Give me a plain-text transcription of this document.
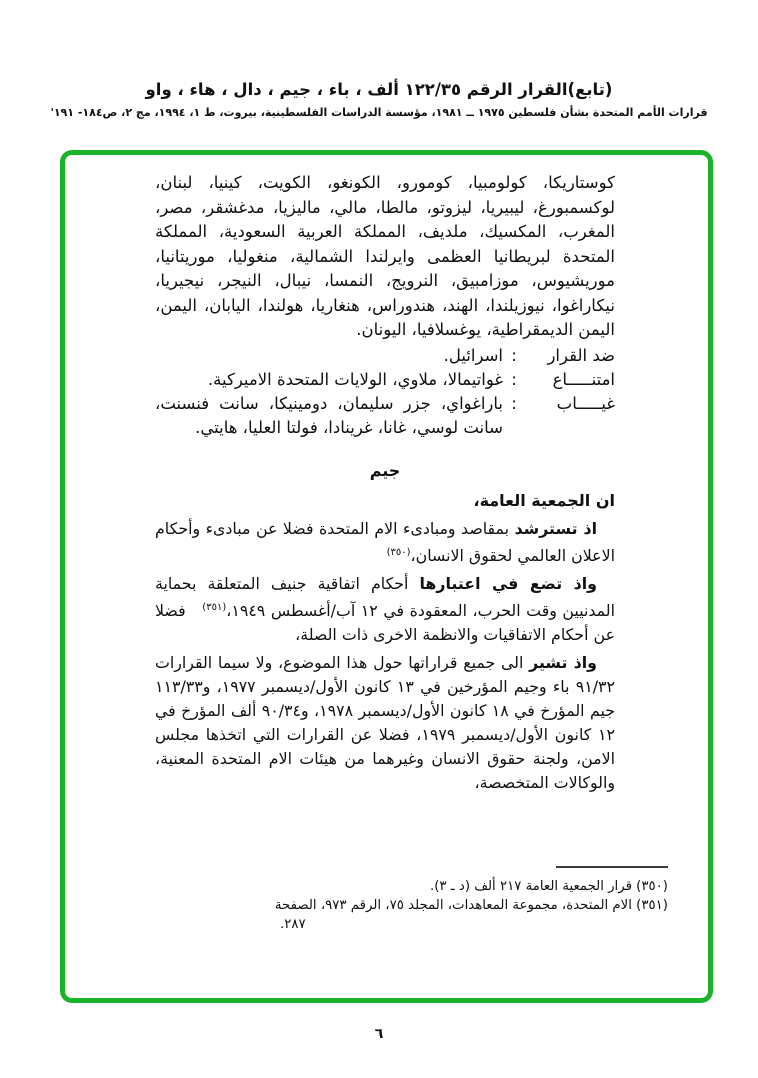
(تابع)القرار الرقم ١٢٢/٣٥ ألف ، باء ، جيم ، دال ، هاء ، واو
قرارات الأمم المتحدة بشأن فلسطين ١٩٧٥ ــ ١٩٨١، مؤسسة الدراسات الفلسطينية، بيروت، ط ١، ١٩٩٤، مج ٢، ص١٨٤- ١٩١'

كوستاريكا، كولومبيا، كومورو، الكونغو، الكويت، كينيا، لبنان، لوكسمبورغ، ليبيريا، ليزوتو، مالطا، مالي، ماليزيا، مدغشقر، مصر، المغرب، المكسيك، ملديف، المملكة العربية السعودية، المملكة المتحدة لبريطانيا العظمى وايرلندا الشمالية، منغوليا، موريتانيا، موريشيوس، موزامبيق، النرويج، النمسا، نيبال، النيجر، نيجيريا، نيكاراغوا، نيوزيلندا، الهند، هندوراس، هنغاريا، هولندا، اليابان، اليمن، اليمن الديمقراطية، يوغسلافيا، اليونان.

ضد القرار
:
اسرائيل.
امتنـــــاع
:
غواتيمالا، ملاوي، الولايات المتحدة الاميركية.
غيـــــاب
:
باراغواي، جزر سليمان، دومينيكا، سانت فنسنت، سانت لوسي، غانا، غرينادا، فولتا العليا، هايتي.
جيم

ان الجمعية العامة،

اذ تسترشد بمقاصد ومبادىء الام المتحدة فضلا عن مبادىء وأحكام الاعلان العالمي لحقوق الانسان،$^{(٣٥٠)}$

واذ تضع في اعتبارها أحكام اتفاقية جنيف المتعلقة بحماية المدنيين وقت الحرب، المعقودة في ١٢ آب/أغسطس ١٩٤٩،$^{(٣٥١)}$   فضلا عن أحكام الاتفاقيات والانظمة الاخرى ذات الصلة،

واذ تشير الى جميع قراراتها حول هذا الموضوع، ولا سيما القرارات ٩١/٣٢ باء وجيم المؤرخين في ١٣ كانون الأول/ديسمبر ١٩٧٧، و١١٣/٣٣ جيم المؤرخ في ١٨ كانون الأول/ديسمبر ١٩٧٨، و٩٠/٣٤ ألف المؤرخ في ١٢ كانون الأول/ديسمبر ١٩٧٩، فضلا عن القرارات التي اتخذها مجلس الامن، ولجنة حقوق الانسان وغيرهما من هيئات الام المتحدة المعنية، والوكالات المتخصصة،

(٣٥٠) قرار الجمعية العامة ٢١٧ ألف (د ـ ٣).
(٣٥١) الام المتحدة، مجموعة المعاهدات، المجلد ٧٥، الرقم ٩٧٣، الصفحة
٢٨٧.
٦
